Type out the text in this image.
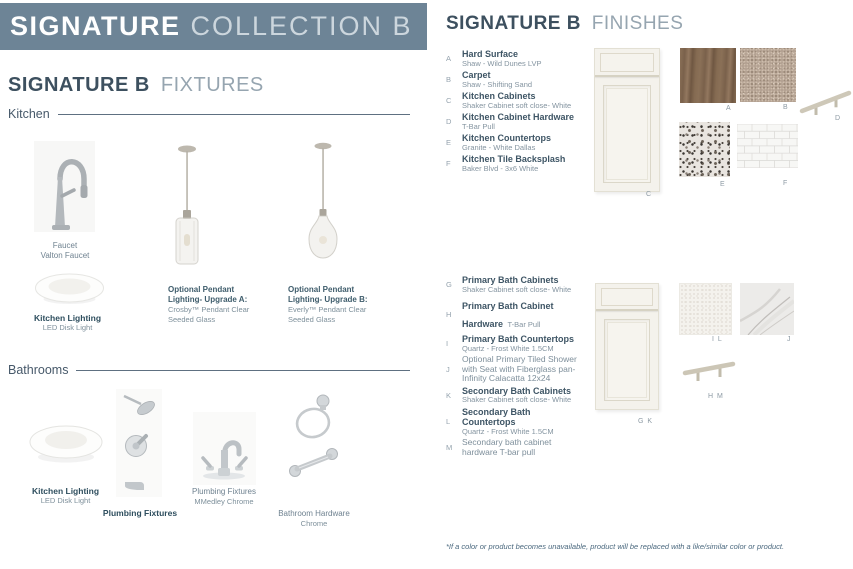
SIGNATURE COLLECTION B
SIGNATURE B FIXTURES
Kitchen
Faucet
Valton Faucet
Optional Pendant Lighting- Upgrade A:
Crosby™ Pendant Clear Seeded Glass
Optional Pendant Lighting- Upgrade B:
Everly™ Pendant Clear Seeded Glass
Kitchen Lighting
LED Disk Light
Bathrooms
Kitchen Lighting
LED Disk Light
Plumbing Fixtures
Plumbing Fixtures
MMedley Chrome
Bathroom Hardware
Chrome
SIGNATURE B FINISHES
A	Hard Surface
Shaw - Wild Dunes LVP
B	Carpet
Shaw - Shifting Sand
C	Kitchen Cabinets
Shaker Cabinet soft close- White
D	Kitchen Cabinet Hardware
T-Bar Pull
E	Kitchen Countertops
Granite - White Dallas
F	Kitchen Tile Backsplash
Baker Blvd - 3x6 White
G	Primary Bath Cabinets
Shaker Cabinet soft close- White
H
Primary Bath Cabinet Hardware T-Bar Pull
I	Primary Bath Countertops
Quartz - Frost White 1.5CM
J
Optional Primary Tiled Shower with Seat with Fiberglass pan- Infinity Calacatta 12x24
K	Secondary Bath Cabinets
Shaker Cabinet soft close- White
L
Secondary Bath Countertops
Quartz - Frost White 1.5CM
M
Secondary bath cabinet hardware T-bar pull
C
A	B
D
E	F
G K
I L	J
H M
*If a color or product becomes unavailable, product will be replaced with a like/similar color or product.
